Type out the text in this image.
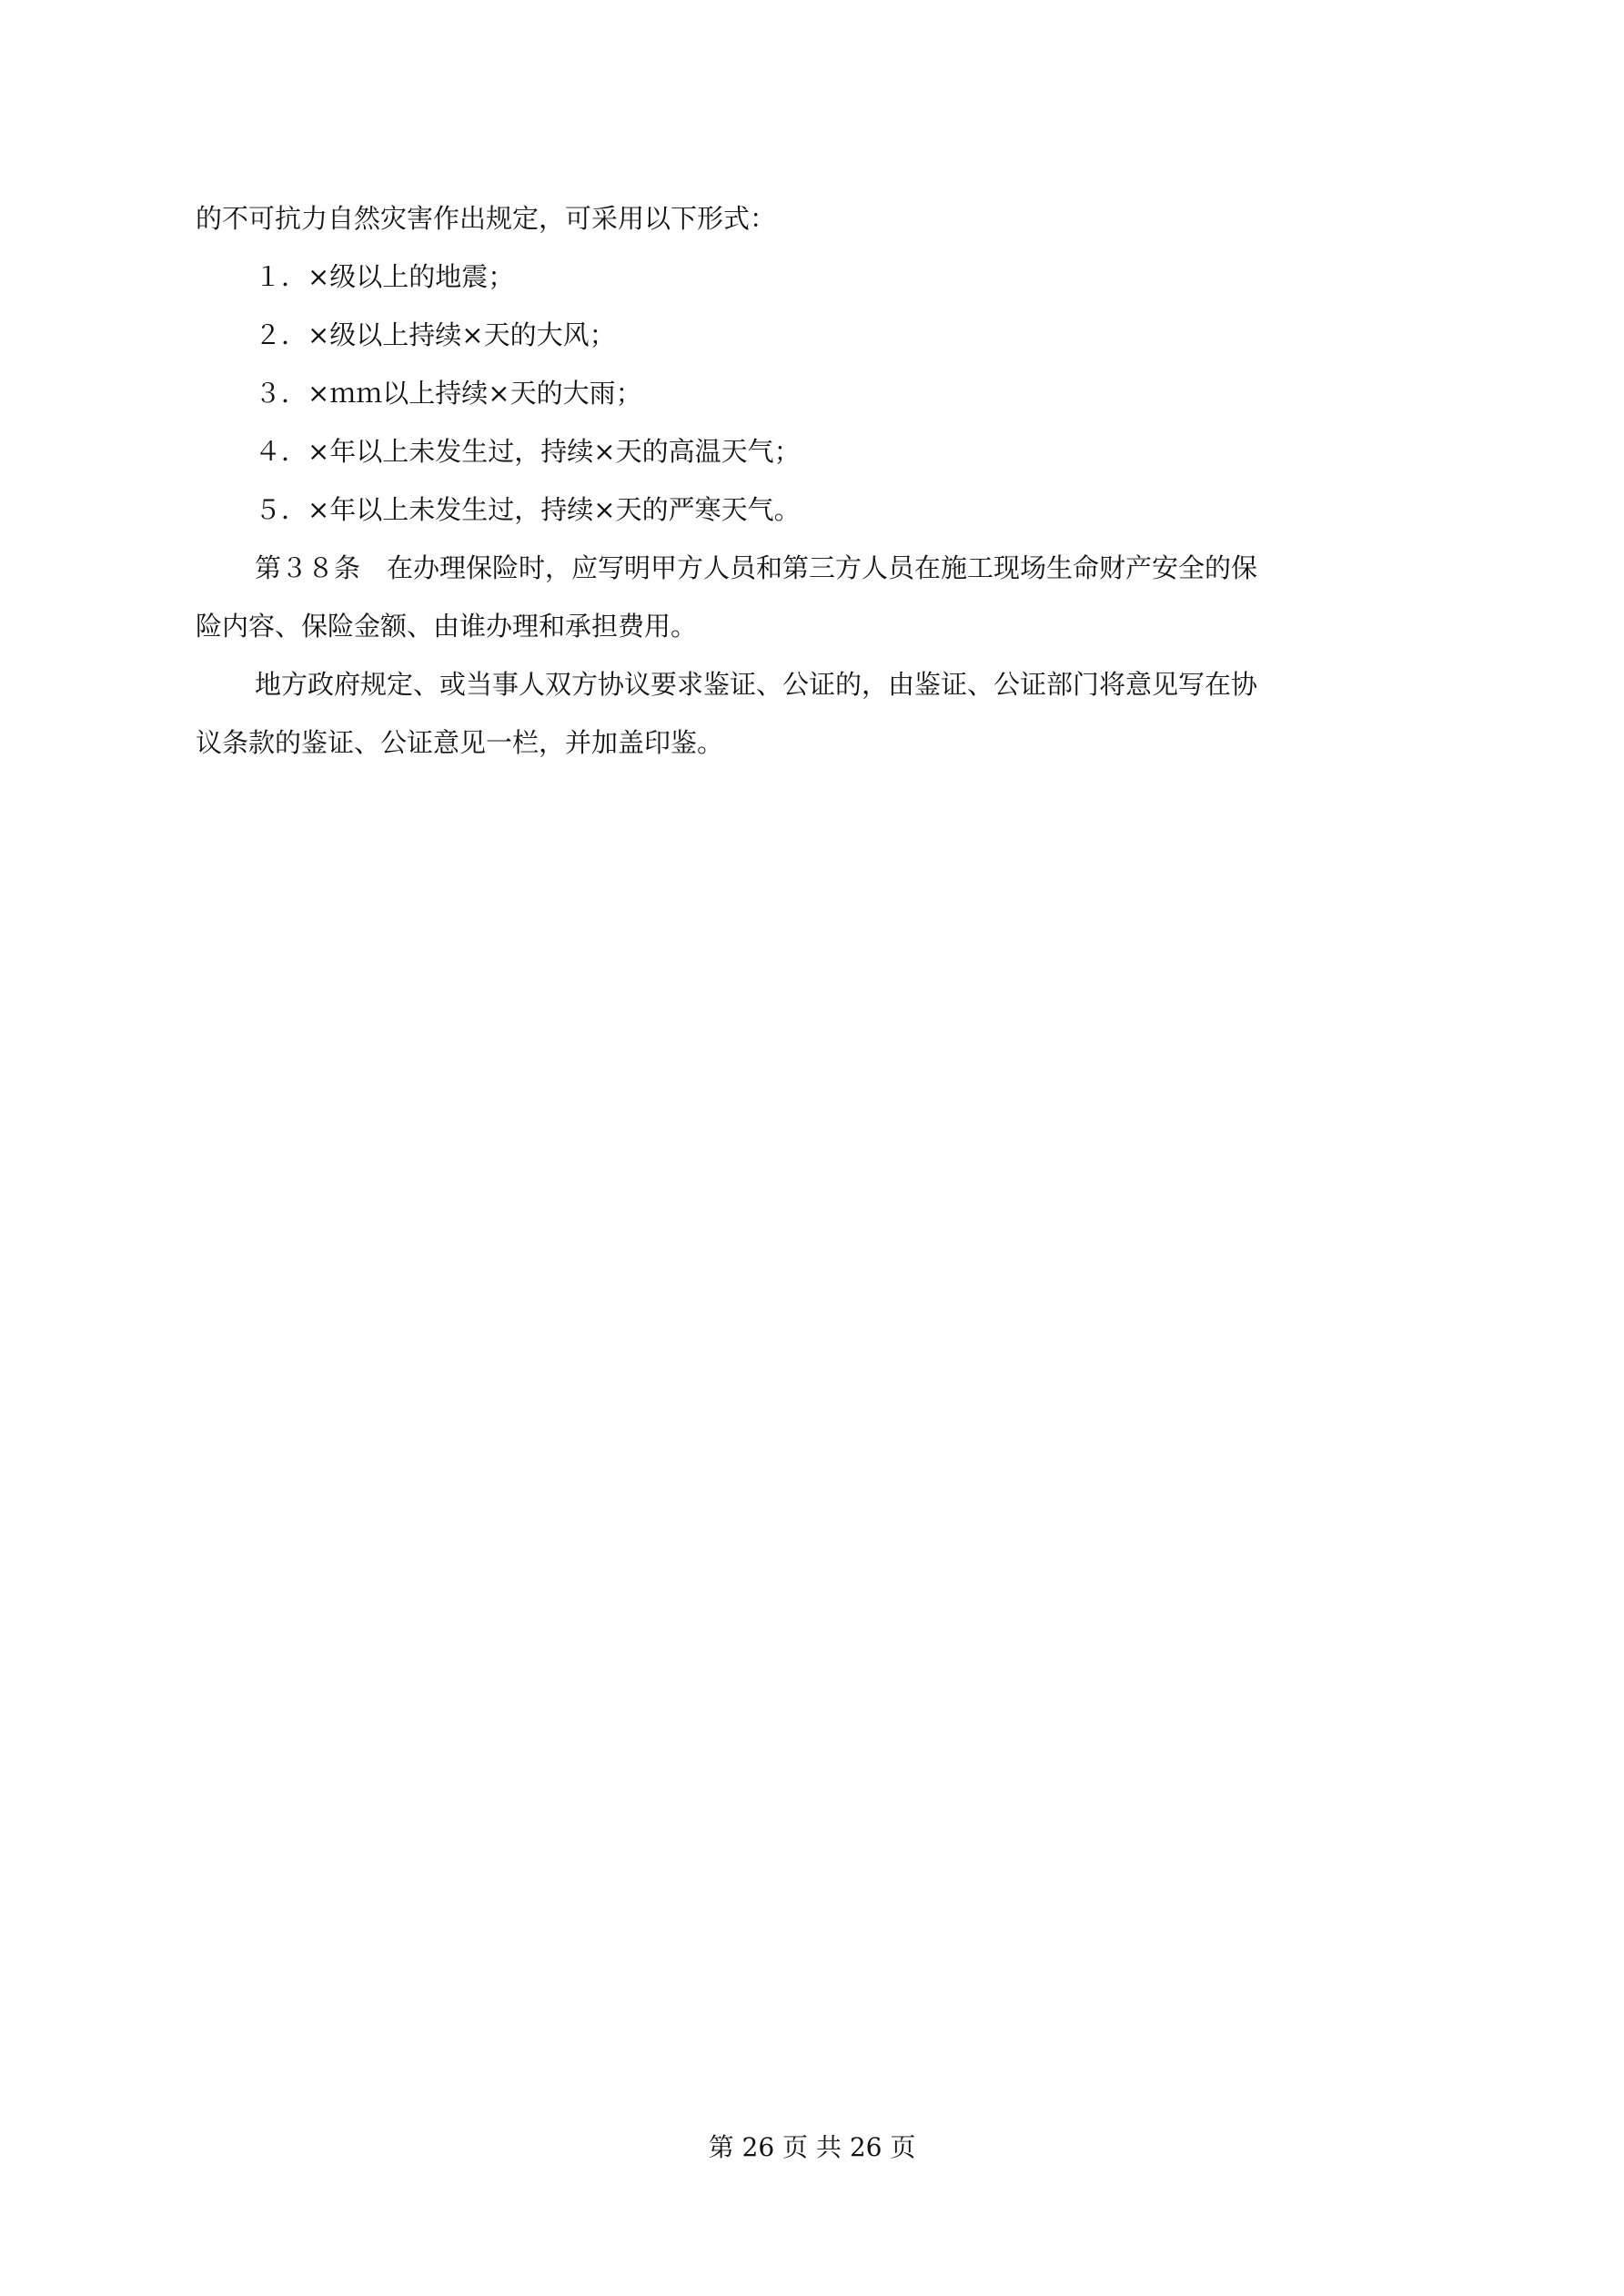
的不可抗力自然灾害作出规定，可采用以下形式：

１．×级以上的地震；

２．×级以上持续×天的大风；

３．×ｍｍ以上持续×天的大雨；

４．×年以上未发生过，持续×天的高温天气；

５．×年以上未发生过，持续×天的严寒天气。

第３８条　在办理保险时，应写明甲方人员和第三方人员在施工现场生命财产安全的保

险内容、保险金额、由谁办理和承担费用。

地方政府规定、或当事人双方协议要求鉴证、公证的，由鉴证、公证部门将意见写在协

议条款的鉴证、公证意见一栏，并加盖印鉴。

第 26 页 共 26 页
